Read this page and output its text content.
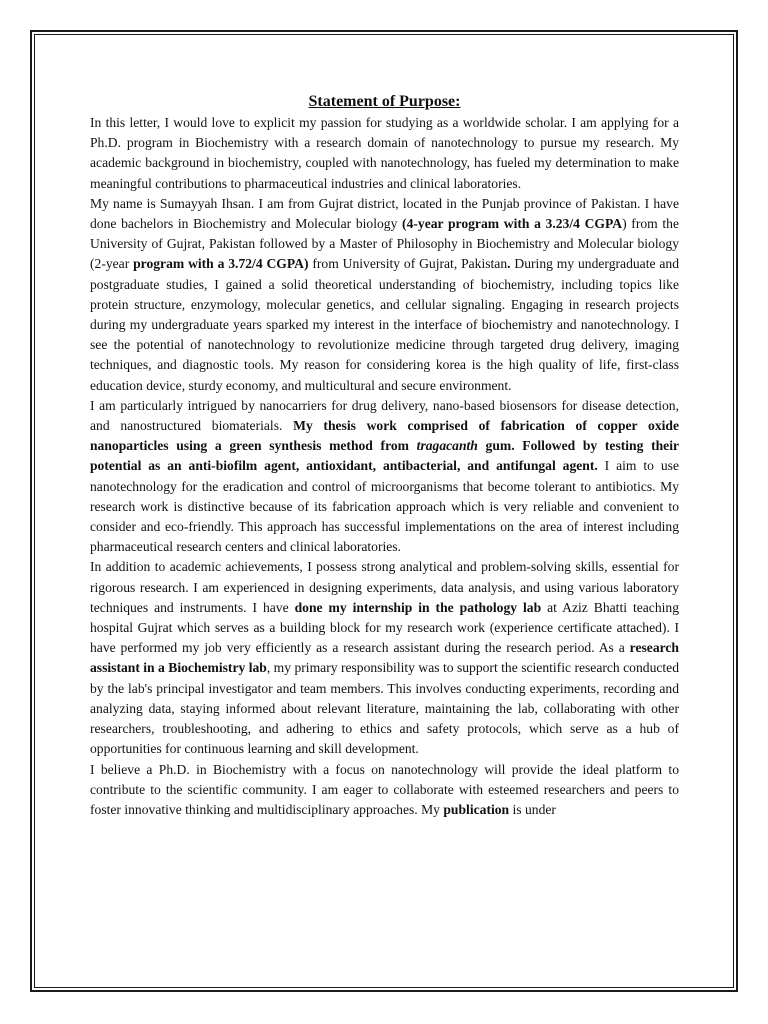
Statement of Purpose:

In this letter, I would love to explicit my passion for studying as a worldwide scholar. I am applying for a Ph.D. program in Biochemistry with a research domain of nanotechnology to pursue my research. My academic background in biochemistry, coupled with nanotechnology, has fueled my determination to make meaningful contributions to pharmaceutical industries and clinical laboratories.

My name is Sumayyah Ihsan. I am from Gujrat district, located in the Punjab province of Pakistan. I have done bachelors in Biochemistry and Molecular biology (4-year program with a 3.23/4 CGPA) from the University of Gujrat, Pakistan followed by a Master of Philosophy in Biochemistry and Molecular biology (2-year program with a 3.72/4 CGPA) from University of Gujrat, Pakistan. During my undergraduate and postgraduate studies, I gained a solid theoretical understanding of biochemistry, including topics like protein structure, enzymology, molecular genetics, and cellular signaling. Engaging in research projects during my undergraduate years sparked my interest in the interface of biochemistry and nanotechnology. I see the potential of nanotechnology to revolutionize medicine through targeted drug delivery, imaging techniques, and diagnostic tools. My reason for considering korea is the high quality of life, first-class education device, sturdy economy, and multicultural and secure environment.

I am particularly intrigued by nanocarriers for drug delivery, nano-based biosensors for disease detection, and nanostructured biomaterials. My thesis work comprised of fabrication of copper oxide nanoparticles using a green synthesis method from tragacanth gum. Followed by testing their potential as an anti-biofilm agent, antioxidant, antibacterial, and antifungal agent. I aim to use nanotechnology for the eradication and control of microorganisms that become tolerant to antibiotics. My research work is distinctive because of its fabrication approach which is very reliable and convenient to consider and eco-friendly. This approach has successful implementations on the area of interest including pharmaceutical research centers and clinical laboratories.

In addition to academic achievements, I possess strong analytical and problem-solving skills, essential for rigorous research. I am experienced in designing experiments, data analysis, and using various laboratory techniques and instruments. I have done my internship in the pathology lab at Aziz Bhatti teaching hospital Gujrat which serves as a building block for my research work (experience certificate attached). I have performed my job very efficiently as a research assistant during the research period. As a research assistant in a Biochemistry lab, my primary responsibility was to support the scientific research conducted by the lab's principal investigator and team members. This involves conducting experiments, recording and analyzing data, staying informed about relevant literature, maintaining the lab, collaborating with other researchers, troubleshooting, and adhering to ethics and safety protocols, which serve as a hub of opportunities for continuous learning and skill development.

I believe a Ph.D. in Biochemistry with a focus on nanotechnology will provide the ideal platform to contribute to the scientific community. I am eager to collaborate with esteemed researchers and peers to foster innovative thinking and multidisciplinary approaches. My publication is under
